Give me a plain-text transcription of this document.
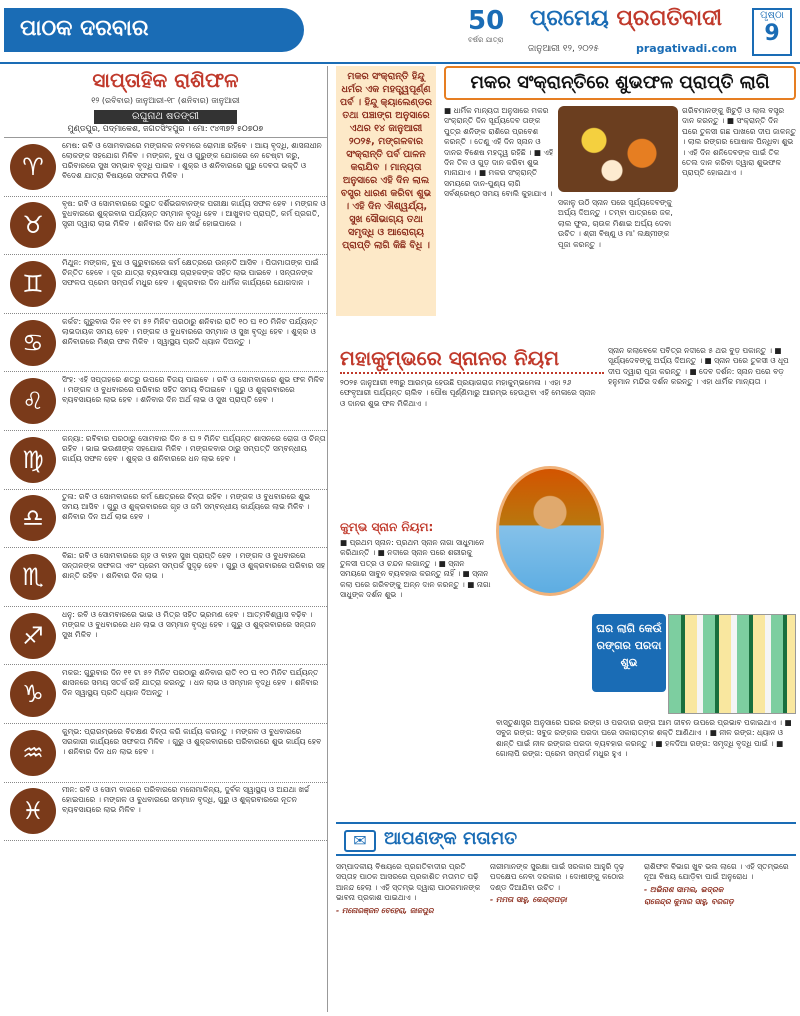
ପାଠକ ଦରବାର	50
ବର୍ଷର ଯାତ୍ରା
ପ୍ରମେୟ ପ୍ରଗତିବାଦୀ
ଜାନୁଆରୀ ୧୨, ୨୦୨୫	pragativadi.com
ପୃଷ୍ଠା
9
ସାପ୍ତାହିକ ରାଶିଫଳ
୧୨ (ରବିବାର) ଜାନୁଆରୀ-୧୮ (ଶନିବାର) ଜାନୁଆରୀ
ରଘୁନାଥ ଷଡଙ୍ଗୀ
ମୁଣ୍ଡପୁର, ପଦ୍ମାକେଶ, ଜଗତସିଂହପୁର । ମୋ: ୯୪୩୭୨ ୫୦୭୦୭
♈
ମେଷ: ରବି ଓ ସୋମବାରରେ ମଙ୍ଗଳକ ନବମରେ ରୋମାଞ୍ଚ ରହିବେ । ଆୟ ବୃଦ୍ଧି, ଶାସନାଧୀନ ଲୋକଙ୍କ ସହଯୋଗ ମିଳିବ । ମଙ୍ଗଳ, ବୁଧ ଓ ଗୁରୁଙ୍କ ଯୋଗରେ ନେ ଚେଷ୍ଟା କରୁ, ପରିବାରରେ ସୁଖ ସମ୍ଭାବ ବୃଦ୍ଧି ପାଇବ । ଶୁକ୍ର ଓ ଶନିବାରରେ ଗୁରୁ ଦେବତା ଭକ୍ତି ଓ ବିଦେଶ ଯାତ୍ରା ବିଷୟରେ ସଫଳତା ମିଳିବ ।
♉
ବୃଷ: ରବି ଓ ସୋମବାରରେ ଦ୍ରୁତ ଦର୍ଶିଭଗବାନଙ୍କ ପରୀକ୍ଷା କାର୍ଯ୍ୟ ସଫଳ ହେବ । ମଙ୍ଗଳ ଓ ବୁଧବାରରେ ଶୁକ୍ରବାର ପର୍ଯ୍ୟନ୍ତ ସମ୍ମାନ ବୃଦ୍ଧି ହେବ । ଆଖୁବାଦ ପ୍ରାପ୍ତି, କର୍ମ ପ୍ରଗତି, ସ୍ତ୍ରୀ ଦ୍ୱାରା ଲାଭ ମିଳିବ । ଶନିବାର ଦିନ ଧନ ଖର୍ଚ୍ଚ ହୋଇପାରେ ।
♊
ମିଥୁନ: ମଙ୍ଗଳ, ବୁଧ ଓ ଗୁରୁବାରରେ କର୍ମ କ୍ଷେତ୍ରରେ ଉନ୍ନତି ଆସିବ । ପିତାମାତାଙ୍କ ପାଇଁ ଚିନ୍ତିତ ହେବେ । ଦୂର ଯାତ୍ରା ବ୍ୟବସାୟୀ ଗ୍ରାହକଙ୍କ ସହିତ ଲାଭ ପାଇବେ । ସନ୍ତାନଙ୍କ ସଫଳତା ପ୍ରେମ ସମ୍ପର୍କ ମଧୁର ହେବ । ଶୁକ୍ରବାର ଦିନ ଧାର୍ମିକ କାର୍ଯ୍ୟରେ ଯୋଗଦାନ ।
♋
କର୍କଟ: ଗୁରୁବାର ଦିନ ୧୧ ଟା ୫୨ ମିନିଟ ପରଠାରୁ ଶନିବାର ରାତି ୧୦ ଘ ୧୦ ମିନିଟ ପର୍ଯ୍ୟନ୍ତ ଲାଭଦାୟକ ସମୟ ହେବ । ମଙ୍ଗଳ ଓ ବୁଧବାରରେ ସମ୍ମାନ ଓ ସୁଖ ବୃଦ୍ଧି ହେବ । ଶୁକ୍ର ଓ ଶନିବାରରେ ମିଶ୍ର ଫଳ ମିଳିବ । ସ୍ୱାସ୍ଥ୍ୟ ପ୍ରତି ଧ୍ୟାନ ଦିଅନ୍ତୁ ।
♌
ସିଂହ: ଏହି ସପ୍ତାହରେ ଶତ୍ରୁ ଉପରେ ବିଜୟ ପାଇବେ । ରବି ଓ ସୋମବାରରେ ଶୁଭ ଫଳ ମିଳିବ । ମଙ୍ଗଳ ଓ ବୁଧବାରରେ ପରିବାର ସହିତ ସମୟ ବିତାଇବେ । ଗୁରୁ ଓ ଶୁକ୍ରବାରରେ ବ୍ୟବସାୟରେ ଲାଭ ହେବ । ଶନିବାର ଦିନ ଅର୍ଥ ଲାଭ ଓ ସୁଖ ପ୍ରାପ୍ତି ହେବ ।
♍
କନ୍ୟା: ରବିବାର ପରଠାରୁ ସୋମବାର ଦିନ ୫ ଘ ୨ ମିନିଟ ପର୍ଯ୍ୟନ୍ତ ଶାସନରେ ରୋଗ ଓ ଚିନ୍ତା ରହିବ । ଭାଇ ଭଉଣୀଙ୍କ ସହଯୋଗ ମିଳିବ । ମଙ୍ଗଳବାର ଠାରୁ ସମ୍ପତ୍ତି ସମ୍ବନ୍ଧୀୟ କାର୍ଯ୍ୟ ସଫଳ ହେବ । ଶୁକ୍ର ଓ ଶନିବାରରେ ଧନ ଲାଭ ହେବ ।
♎
ତୁଳା: ରବି ଓ ସୋମବାରରେ କର୍ମ କ୍ଷେତ୍ରରେ ଚିନ୍ତା ରହିବ । ମଙ୍ଗଳ ଓ ବୁଧବାରରେ ଶୁଭ ସମୟ ଆସିବ । ଗୁରୁ ଓ ଶୁକ୍ରବାରରେ ଗୃହ ଓ ଜମି ସମ୍ବନ୍ଧୀୟ କାର୍ଯ୍ୟରେ ଲାଭ ମିଳିବ । ଶନିବାର ଦିନ ଅର୍ଥ ଲାଭ ହେବ ।
♏
ବିଛା: ରବି ଓ ସୋମବାରରେ ଗୃହ ଓ ବାହନ ସୁଖ ପ୍ରାପ୍ତି ହେବ । ମଙ୍ଗଳ ଓ ବୁଧବାରରେ ସନ୍ତାନଙ୍କ ସଫଳତା ଏବଂ ପ୍ରେମ ସମ୍ପର୍କ ସୁଦୃଢ଼ ହେବ । ଗୁରୁ ଓ ଶୁକ୍ରବାରରେ ପରିବାର ସହ ଶାନ୍ତି ରହିବ । ଶନିବାର ଦିନ ଲାଭ ।
♐
ଧନୁ: ରବି ଓ ସୋମବାରରେ ଭାଇ ଓ ମିତ୍ର ସହିତ ଭ୍ରମଣ ହେବ । ଆତ୍ମବିଶ୍ୱାସ ବଢ଼ିବ । ମଙ୍ଗଳ ଓ ବୁଧବାରରେ ଧନ ଲାଭ ଓ ସମ୍ମାନ ବୃଦ୍ଧି ହେବ । ଗୁରୁ ଓ ଶୁକ୍ରବାରରେ ସନ୍ତାନ ସୁଖ ମିଳିବ ।
♑
ମକର: ଗୁରୁବାର ଦିନ ୧୧ ଟା ୫୨ ମିନିଟ ପରଠାରୁ ଶନିବାର ରାତି ୧୦ ଘ ୧୦ ମିନିଟ ପର୍ଯ୍ୟନ୍ତ ଶାସନରେ ସମୟ ସତର୍କ ରହି ଯାତ୍ରା କରନ୍ତୁ । ଧନ ଲାଭ ଓ ସମ୍ମାନ ବୃଦ୍ଧି ହେବ । ଶନିବାର ଦିନ ସ୍ୱାସ୍ଥ୍ୟ ପ୍ରତି ଧ୍ୟାନ ଦିଅନ୍ତୁ ।
♒
କୁମ୍ଭ: ପ୍ରାରମ୍ଭରେ ବିଚକ୍ଷଣ ଚିନ୍ତା କରି କାର୍ଯ୍ୟ କରନ୍ତୁ । ମଙ୍ଗଳ ଓ ବୁଧବାରରେ ସରକାରୀ କାର୍ଯ୍ୟରେ ସଫଳତା ମିଳିବ । ଗୁରୁ ଓ ଶୁକ୍ରବାରରେ ପରିବାରରେ ଶୁଭ କାର୍ଯ୍ୟ ହେବ । ଶନିବାର ଦିନ ଧନ ଲାଭ ହେବ ।
♓
ମୀନ: ରବି ଓ ସୋମ ବାରରେ ପରିବାରରେ ମନୋମାଳିନ୍ୟ, ଦୁର୍ବଳ ସ୍ୱାସ୍ଥ୍ୟ ଓ ଅଯଥା ଖର୍ଚ୍ଚ ହୋଇପାରେ । ମଙ୍ଗଳ ଓ ବୁଧବାରରେ ସମ୍ମାନ ବୃଦ୍ଧି, ଗୁରୁ ଓ ଶୁକ୍ରବାରରେ ନୂତନ ବ୍ୟବସାୟରେ ଲାଭ ମିଳିବ ।
ମକର ସଂକ୍ରାନ୍ତି ହିନ୍ଦୁ ଧର୍ମର ଏକ ମହତ୍ତ୍ୱପୂର୍ଣ୍ଣ ପର୍ବ । ହିନ୍ଦୁ କ୍ୟାଲେଣ୍ଡର ତଥା ପଞ୍ଚାଙ୍ଗ ଅନୁସାରେ ଏଥର ୧୪ ଜାନୁଆରୀ ୨୦୨୫, ମଙ୍ଗଳବାର ସଂକ୍ରାନ୍ତି ପର୍ବ ପାଳନ କରାଯିବ । ମାନ୍ୟତା ଅନୁସାରେ ଏହି ଦିନ ଲାଲ ବସ୍ତ୍ର ଧାରଣ କରିବା ଶୁଭ । ଏହି ଦିନ ଐଶ୍ୱର୍ଯ୍ୟ, ସୁଖ ସୌଭାଗ୍ୟ ତଥା ସମୃଦ୍ଧି ଓ ଆରୋଗ୍ୟ ପ୍ରାପ୍ତି ଲାଗି କିଛି ବିଧି ।
ମକର ସଂକ୍ରାନ୍ତିରେ ଶୁଭଫଳ ପ୍ରାପ୍ତି ଲାଗି
■ ଧାର୍ମିକ ମାନ୍ୟତା ଅନୁସାରେ ମକର ସଂକ୍ରାନ୍ତି ଦିନ ସୂର୍ଯ୍ୟଦେବ ତାଙ୍କ ପୁତ୍ର ଶନିଙ୍କ ରାଶିରେ ପ୍ରବେଶ କରନ୍ତି । ତେଣୁ ଏହି ଦିନ ସ୍ନାନ ଓ ଦାନର ବିଶେଷ ମହତ୍ତ୍ୱ ରହିଛି । ■ ଏହି ଦିନ ତିଳ ଓ ଗୁଡ଼ ଦାନ କରିବା ଶୁଭ ମାନାଯାଏ । ■ ମକର ସଂକ୍ରାନ୍ତି ସମୟରେ ଦାନ-ପୁଣ୍ୟ ଲାଗି ସର୍ବଶ୍ରେଷ୍ଠ ସମୟ ବୋଲି କୁହାଯାଏ ।
ସକାଳୁ ଉଠି ସ୍ନାନ ପରେ ସୂର୍ଯ୍ୟଦେବଙ୍କୁ ଅର୍ଘ୍ୟ ଦିଅନ୍ତୁ । ତମ୍ବା ପାତ୍ରରେ ଜଳ, ଲାଲ ଫୁଲ, ଚାଉଳ ମିଶାଇ ଅର୍ଘ୍ୟ ଦେବା ଉଚିତ । ଶ୍ରୀ ବିଷ୍ଣୁ ଓ ମା' ଲକ୍ଷ୍ମୀଙ୍କ ପୂଜା କରନ୍ତୁ ।
ଗରିବମାନଙ୍କୁ ଖିଚୁଡ଼ି ଓ ଲାଲ ବସ୍ତ୍ର ଦାନ କରନ୍ତୁ । ■ ସଂକ୍ରାନ୍ତି ଦିନ ଘରେ ତୁଳସୀ ଗଛ ପାଖରେ ଦୀପ ଜାଳନ୍ତୁ । ଲାଲ ରଙ୍ଗର ପୋଷାକ ପିନ୍ଧିବା ଶୁଭ । ଏହି ଦିନ ଶନିଦେବଙ୍କ ପାଇଁ ତିଳ ତେଲ ଦାନ କରିବା ଦ୍ୱାରା ଶୁଭଫଳ ପ୍ରାପ୍ତି ହୋଇଥାଏ ।
ମହାକୁମ୍ଭରେ ସ୍ନାନର ନିୟମ
୨୦୨୫ ଜାନୁଆରୀ ୧୩ରୁ ଆରମ୍ଭ ହେଉଛି ପ୍ରୟାଗରାଜ ମହାକୁମ୍ଭମେଳା । ଏହା ୨୬ ଫେବୃଆରୀ ପର୍ଯ୍ୟନ୍ତ ଚାଲିବ । ପୌଷ ପୂର୍ଣ୍ଣିମାରୁ ଆରମ୍ଭ ହେଉଥିବା ଏହି ମେଳାରେ ସ୍ନାନ ଓ ଦାନର ଶୁଭ ଫଳ ମିଳିଥାଏ ।
କୁମ୍ଭ ସ୍ନାନ ନିୟମ:
■ ପ୍ରଥମ ସ୍ନାନ: ପ୍ରଥମ ସ୍ନାନ ନାଗା ସାଧୁମାନେ କରିଥାନ୍ତି । ■ ନଦୀରେ ସ୍ନାନ ପରେ ଶରୀରକୁ ତୁଳସୀ ପତ୍ର ଓ ଚନ୍ଦନ ଲଗାନ୍ତୁ । ■ ସ୍ନାନ ସମୟରେ ସାବୁନ ବ୍ୟବହାର କରନ୍ତୁ ନାହିଁ । ■ ସ୍ନାନ କଲା ପରେ ଗରିବଙ୍କୁ ଅନ୍ନ ଦାନ କରନ୍ତୁ । ■ ନାଗା ସାଧୁଙ୍କ ଦର୍ଶନ ଶୁଭ ।
ସ୍ନାନ କଲାବେଳେ ପବିତ୍ର ନଦୀରେ ୫ ଥର ବୁଡ଼ ପକାନ୍ତୁ । ■ ସୂର୍ଯ୍ୟଦେବଙ୍କୁ ଅର୍ଘ୍ୟ ଦିଅନ୍ତୁ । ■ ସ୍ନାନ ପରେ ତୁଳସୀ ଓ ଧୂପ ଦୀପ ଦ୍ୱାରା ପୂଜା କରନ୍ତୁ । ■ ଦେବ ଦର୍ଶନ: ସ୍ନାନ ପରେ ବଡ଼ ହନୁମାନ ମନ୍ଦିର ଦର୍ଶନ କରନ୍ତୁ । ଏହା ଧାର୍ମିକ ମାନ୍ୟତା ।
ଘର ଲାଗି କେଉଁ ରଙ୍ଗର ପରଦା ଶୁଭ
ବାସ୍ତୁଶାସ୍ତ୍ର ଅନୁସାରେ ଘରର ରଙ୍ଗ ଓ ପରଦାର ରଙ୍ଗ ଆମ ଜୀବନ ଉପରେ ପ୍ରଭାବ ପକାଇଥାଏ । ■ ସବୁଜ ରଙ୍ଗ: ସବୁଜ ରଙ୍ଗର ପରଦା ଘରେ ସକାରାତ୍ମକ ଶକ୍ତି ଆଣିଥାଏ । ■ ନୀଳ ରଙ୍ଗ: ଧ୍ୟାନ ଓ ଶାନ୍ତି ପାଇଁ ନୀଳ ରଙ୍ଗର ପରଦା ବ୍ୟବହାର କରନ୍ତୁ । ■ ହଳଦିଆ ରଙ୍ଗ: ସମୃଦ୍ଧି ବୃଦ୍ଧି ପାଇଁ । ■ ଗୋଲାପି ରଙ୍ଗ: ପ୍ରେମ ସମ୍ପର୍କ ମଧୁର ହୁଏ ।
✉ ଆପଣଙ୍କ ମତାମତ

ସମ୍ପାଦକୀୟ ବିଷୟରେ ପ୍ରଗତିବାଦୀର ପ୍ରତି ସପ୍ତାହ ପାଠକ ଆସରରେ ପ୍ରକାଶିତ ମତାମତ ପଢ଼ି ଆନନ୍ଦ ହେଲା । ଏହି ସ୍ତମ୍ଭ ଦ୍ୱାରା ପାଠକମାନଙ୍କ ଭାବନା ପ୍ରକାଶ ପାଇଥାଏ ।

- ମନୋରଞ୍ଜନ ବେହେରା, ଜାଜପୁର

ନାରୀମାନଙ୍କ ସୁରକ୍ଷା ପାଇଁ ସରକାର ଆହୁରି ଦୃଢ଼ ପଦକ୍ଷେପ ନେବା ଦରକାର । ଦୋଷୀଙ୍କୁ କଠୋର ଦଣ୍ଡ ଦିଆଯିବା ଉଚିତ ।

- ମମତା ସାହୁ, କେନ୍ଦ୍ରାପଡ଼ା

ରାଶିଫଳ ବିଭାଗ ଖୁବ ଭଲ ଲାଗେ । ଏହି ସ୍ତମ୍ଭରେ ନୂଆ ବିଷୟ ଯୋଡ଼ିବା ପାଇଁ ଅନୁରୋଧ ।

- ଅଭିନାଶ ସାମଲ, ଭଦ୍ରକ

ରାଜେନ୍ଦ୍ର କୁମାର ସାହୁ, ବରଗଡ଼
